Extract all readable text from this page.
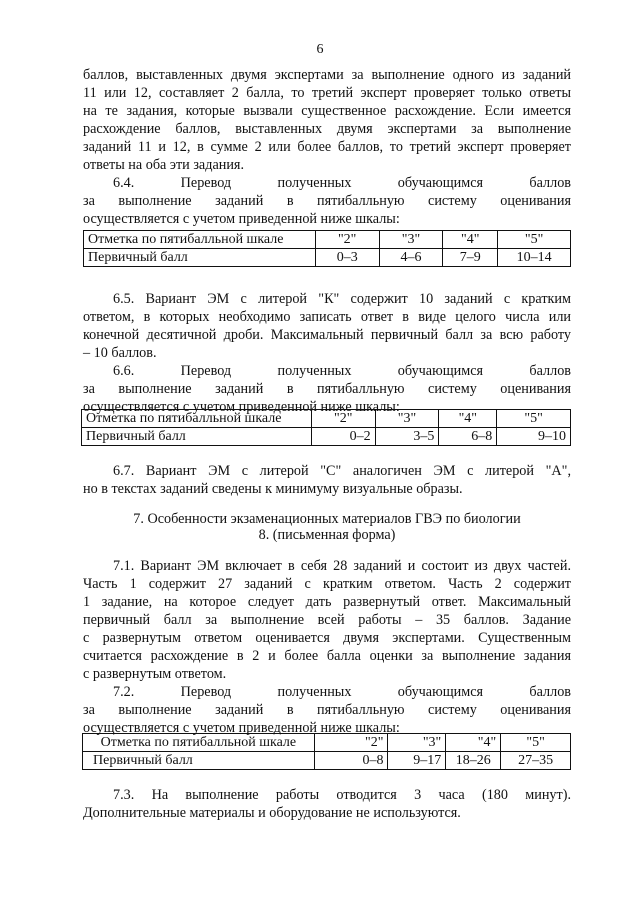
6
баллов, выставленных двумя экспертами за выполнение одного из заданий
11 или 12, составляет 2 балла, то третий эксперт проверяет только ответы
на те задания, которые вызвали существенное расхождение. Если имеется
расхождение баллов, выставленных двумя экспертами за выполнение
заданий 11 и 12, в сумме 2 или более баллов, то третий эксперт проверяет
ответы на оба эти задания.
6.4. Перевод полученных обучающимся баллов
за выполнение заданий в пятибалльную систему оценивания
осуществляется с учетом приведенной ниже шкалы:
Отметка по пятибалльной шкале	"2"	"3"	"4"	"5"
Первичный балл	0–3	4–6	7–9	10–14
6.5. Вариант ЭМ с литерой "К" содержит 10 заданий с кратким
ответом, в которых необходимо записать ответ в виде целого числа или
конечной десятичной дроби. Максимальный первичный балл за всю работу
– 10 баллов.
6.6. Перевод полученных обучающимся баллов
за выполнение заданий в пятибалльную систему оценивания
осуществляется с учетом приведенной ниже шкалы:
Отметка по пятибалльной шкале	"2"	"3"	"4"	"5"
Первичный балл	0–2	3–5	6–8	9–10
6.7. Вариант ЭМ с литерой "С" аналогичен ЭМ с литерой "А",
но в текстах заданий сведены к минимуму визуальные образы.
7. Особенности экзаменационных материалов ГВЭ по биологии
8. (письменная форма)
7.1. Вариант ЭМ включает в себя 28 заданий и состоит из двух частей.
Часть 1 содержит 27 заданий с кратким ответом. Часть 2 содержит
1 задание, на которое следует дать развернутый ответ. Максимальный
первичный балл за выполнение всей работы – 35 баллов. Задание
с развернутым ответом оценивается двумя экспертами. Существенным
считается расхождение в 2 и более балла оценки за выполнение задания
с развернутым ответом.
7.2. Перевод полученных обучающимся баллов
за выполнение заданий в пятибалльную систему оценивания
осуществляется с учетом приведенной ниже шкалы:
Отметка по пятибалльной шкале	"2"	"3"	"4"	"5"
Первичный балл	0–8	9–17	18–26	27–35
7.3. На выполнение работы отводится 3 часа (180 минут).
Дополнительные материалы и оборудование не используются.
